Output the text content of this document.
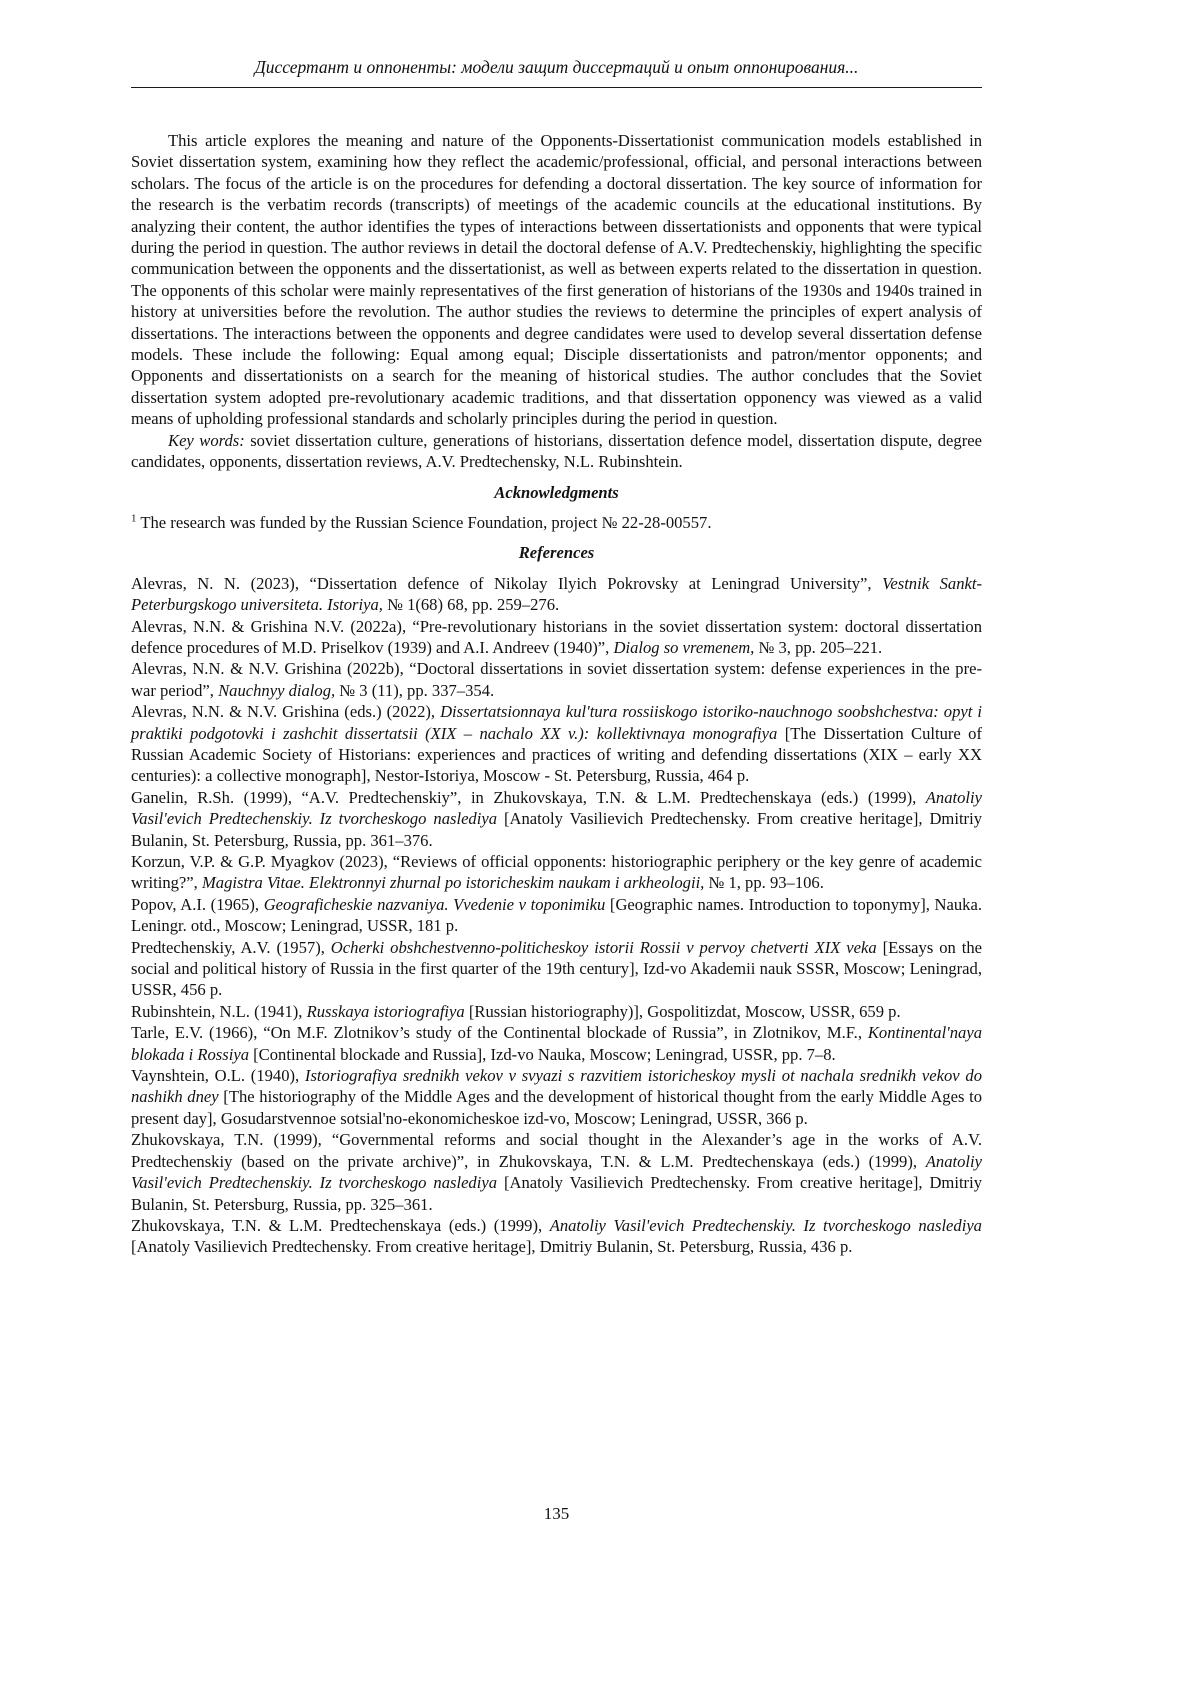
Диссертант и оппоненты: модели защит диссертаций и опыт оппонирования...

This article explores the meaning and nature of the Opponents-Dissertationist communication models established in Soviet dissertation system, examining how they reflect the academic/professional, official, and personal interactions between scholars. The focus of the article is on the procedures for defending a doctoral dissertation. The key source of information for the research is the verbatim records (transcripts) of meetings of the academic councils at the educational institutions. By analyzing their content, the author identifies the types of interactions between dissertationists and opponents that were typical during the period in question. The author reviews in detail the doctoral defense of A.V. Predtechenskiy, highlighting the specific communication between the opponents and the dissertationist, as well as between experts related to the dissertation in question. The opponents of this scholar were mainly representatives of the first generation of historians of the 1930s and 1940s trained in history at universities before the revolution. The author studies the reviews to determine the principles of expert analysis of dissertations. The interactions between the opponents and degree candidates were used to develop several dissertation defense models. These include the following: Equal among equal; Disciple dissertationists and patron/mentor opponents; and Opponents and dissertationists on a search for the meaning of historical studies. The author concludes that the Soviet dissertation system adopted pre-revolutionary academic traditions, and that dissertation opponency was viewed as a valid means of upholding professional standards and scholarly principles during the period in question.

Key words: soviet dissertation culture, generations of historians, dissertation defence model, dissertation dispute, degree candidates, opponents, dissertation reviews, A.V. Predtechensky, N.L. Rubinshtein.

Acknowledgments

$^1$ The research was funded by the Russian Science Foundation, project № 22-28-00557.

References

Alevras, N. N. (2023), “Dissertation defence of Nikolay Ilyich Pokrovsky at Leningrad University”, Vestnik Sankt-Peterburgskogo universiteta. Istoriya, № 1(68) 68, pp. 259–276.

Alevras, N.N. & Grishina N.V. (2022a), “Pre-revolutionary historians in the soviet dissertation system: doctoral dissertation defence procedures of M.D. Priselkov (1939) and A.I. Andreev (1940)”, Dialog so vremenem, № 3, pp. 205–221.

Alevras, N.N. & N.V. Grishina (2022b), “Doctoral dissertations in soviet dissertation system: defense experiences in the pre-war period”, Nauchnyy dialog, № 3 (11), pp. 337–354.

Alevras, N.N. & N.V. Grishina (eds.) (2022), Dissertatsionnaya kul'tura rossiiskogo istoriko-nauchnogo soobshchestva: opyt i praktiki podgotovki i zashchit dissertatsii (XIX – nachalo XX v.): kollektivnaya monografiya [The Dissertation Culture of Russian Academic Society of Historians: experiences and practices of writing and defending dissertations (XIX – early XX centuries): a collective monograph], Nestor-Istoriya, Moscow - St. Petersburg, Russia, 464 p.

Ganelin, R.Sh. (1999), “A.V. Predtechenskiy”, in Zhukovskaya, T.N. & L.M. Predtechenskaya (eds.) (1999), Anatoliy Vasil'evich Predtechenskiy. Iz tvorcheskogo naslediya [Anatoly Vasilievich Predtechensky. From creative heritage], Dmitriy Bulanin, St. Petersburg, Russia, pp. 361–376.

Korzun, V.P. & G.P. Myagkov (2023), “Reviews of official opponents: historiographic periphery or the key genre of academic writing?”, Magistra Vitae. Elektronnyi zhurnal po istoricheskim naukam i arkheologii, № 1, pp. 93–106.

Popov, A.I. (1965), Geograficheskie nazvaniya. Vvedenie v toponimiku [Geographic names. Introduction to toponymy], Nauka. Leningr. otd., Moscow; Leningrad, USSR, 181 p.

Predtechenskiy, A.V. (1957), Ocherki obshchestvenno-politicheskoy istorii Rossii v pervoy chetverti XIX veka [Essays on the social and political history of Russia in the first quarter of the 19th century], Izd-vo Akademii nauk SSSR, Moscow; Leningrad, USSR, 456 p.

Rubinshtein, N.L. (1941), Russkaya istoriografiya [Russian historiography)], Gospolitizdat, Moscow, USSR, 659 p.

Tarle, E.V. (1966), “On M.F. Zlotnikov’s study of the Continental blockade of Russia”, in Zlotnikov, M.F., Kontinental'naya blokada i Rossiya [Continental blockade and Russia], Izd-vo Nauka, Moscow; Leningrad, USSR, pp. 7–8.

Vaynshtein, O.L. (1940), Istoriografiya srednikh vekov v svyazi s razvitiem istoricheskoy mysli ot nachala srednikh vekov do nashikh dney [The historiography of the Middle Ages and the development of historical thought from the early Middle Ages to present day], Gosudarstvennoe sotsial'no-ekonomicheskoe izd-vo, Moscow; Leningrad, USSR, 366 p.

Zhukovskaya, T.N. (1999), “Governmental reforms and social thought in the Alexander’s age in the works of A.V. Predtechenskiy (based on the private archive)”, in Zhukovskaya, T.N. & L.M. Predtechenskaya (eds.) (1999), Anatoliy Vasil'evich Predtechenskiy. Iz tvorcheskogo naslediya [Anatoly Vasilievich Predtechensky. From creative heritage], Dmitriy Bulanin, St. Petersburg, Russia, pp. 325–361.

Zhukovskaya, T.N. & L.M. Predtechenskaya (eds.) (1999), Anatoliy Vasil'evich Predtechenskiy. Iz tvorcheskogo naslediya [Anatoly Vasilievich Predtechensky. From creative heritage], Dmitriy Bulanin, St. Petersburg, Russia, 436 p.

135
